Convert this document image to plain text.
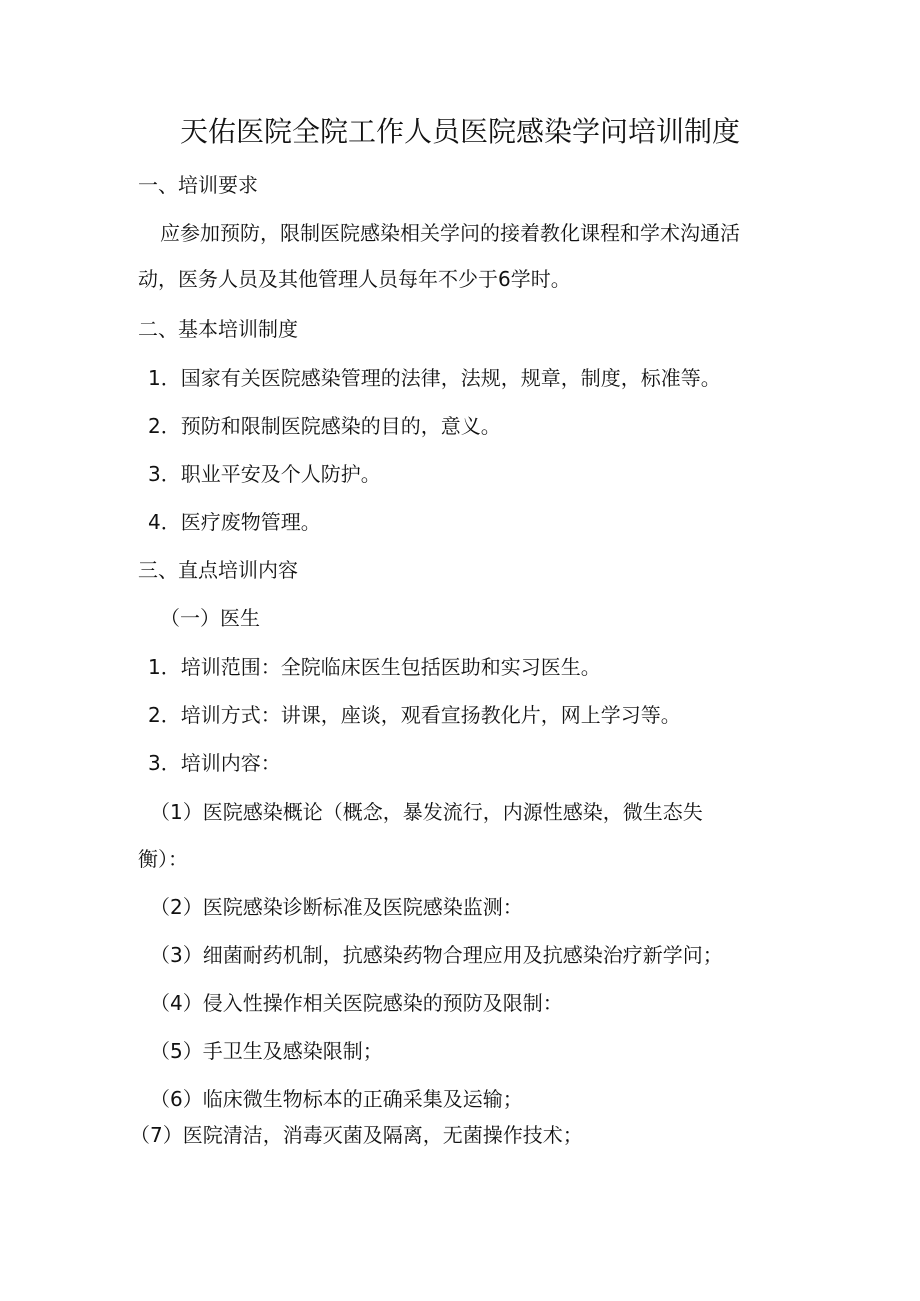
天佑医院全院工作人员医院感染学问培训制度
一、培训要求
应参加预防，限制医院感染相关学问的接着教化课程和学术沟通活
动，医务人员及其他管理人员每年不少于6学时。
二、基本培训制度
1．国家有关医院感染管理的法律，法规，规章，制度，标准等。
2．预防和限制医院感染的目的，意义。
3．职业平安及个人防护。
4．医疗废物管理。
三、直点培训内容
（一）医生
1．培训范围：全院临床医生包括医助和实习医生。
2．培训方式：讲课，座谈，观看宣扬教化片，网上学习等。
3．培训内容：
（1）医院感染概论（概念，暴发流行，内源性感染，微生态失
衡）：
（2）医院感染诊断标准及医院感染监测：
（3）细菌耐药机制，抗感染药物合理应用及抗感染治疗新学问；
（4）侵入性操作相关医院感染的预防及限制：
（5）手卫生及感染限制；
（6）临床微生物标本的正确采集及运输；
（7）医院清洁，消毒灭菌及隔离，无菌操作技术；
